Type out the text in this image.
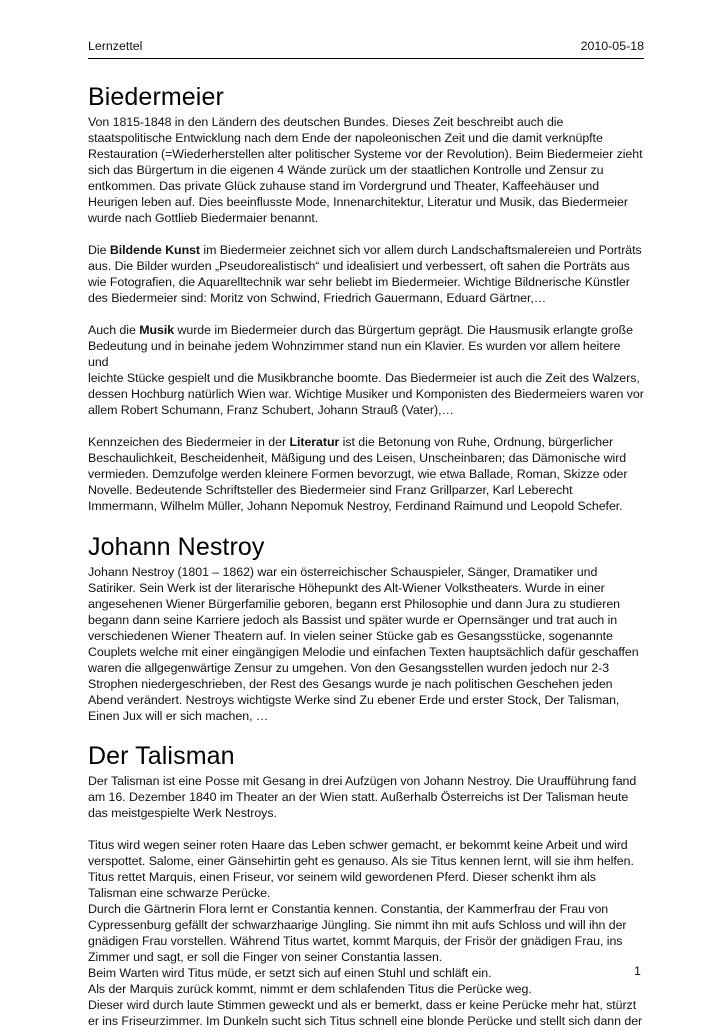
Lernzettel	2010-05-18
Biedermeier

Von 1815-1848 in den Ländern des deutschen Bundes. Dieses Zeit beschreibt auch die
staatspolitische Entwicklung nach dem Ende der napoleonischen Zeit und die damit verknüpfte
Restauration (=Wiederherstellen alter politischer Systeme vor der Revolution). Beim Biedermeier zieht
sich das Bürgertum in die eigenen 4 Wände zurück um der staatlichen Kontrolle und Zensur zu
entkommen. Das private Glück zuhause stand im Vordergrund und Theater, Kaffeehäuser und
Heurigen leben auf. Dies beeinflusste Mode, Innenarchitektur, Literatur und Musik, das Biedermeier
wurde nach Gottlieb Biedermaier benannt.

Die Bildende Kunst im Biedermeier zeichnet sich vor allem durch Landschaftsmalereien und Porträts
aus. Die Bilder wurden „Pseudorealistisch“ und idealisiert und verbessert, oft sahen die Porträts aus
wie Fotografien, die Aquarelltechnik war sehr beliebt im Biedermeier. Wichtige Bildnerische Künstler
des Biedermeier sind: Moritz von Schwind, Friedrich Gauermann, Eduard Gärtner,…

Auch die Musik wurde im Biedermeier durch das Bürgertum geprägt. Die Hausmusik erlangte große
Bedeutung und in beinahe jedem Wohnzimmer stand nun ein Klavier. Es wurden vor allem heitere und
leichte Stücke gespielt und die Musikbranche boomte. Das Biedermeier ist auch die Zeit des Walzers,
dessen Hochburg natürlich Wien war. Wichtige Musiker und Komponisten des Biedermeiers waren vor
allem Robert Schumann, Franz Schubert, Johann Strauß (Vater),…

Kennzeichen des Biedermeier in der Literatur ist die Betonung von Ruhe, Ordnung, bürgerlicher
Beschaulichkeit, Bescheidenheit, Mäßigung und des Leisen, Unscheinbaren; das Dämonische wird
vermieden. Demzufolge werden kleinere Formen bevorzugt, wie etwa Ballade, Roman, Skizze oder
Novelle. Bedeutende Schriftsteller des Biedermeier sind Franz Grillparzer, Karl Leberecht
Immermann, Wilhelm Müller, Johann Nepomuk Nestroy, Ferdinand Raimund und Leopold Schefer.

Johann Nestroy

Johann Nestroy (1801 – 1862) war ein österreichischer Schauspieler, Sänger, Dramatiker und
Satiriker. Sein Werk ist der literarische Höhepunkt des Alt-Wiener Volkstheaters. Wurde in einer
angesehenen Wiener Bürgerfamilie geboren, begann erst Philosophie und dann Jura zu studieren
begann dann seine Karriere jedoch als Bassist und später wurde er Opernsänger und trat auch in
verschiedenen Wiener Theatern auf. In vielen seiner Stücke gab es Gesangsstücke, sogenannte
Couplets welche mit einer eingängigen Melodie und einfachen Texten hauptsächlich dafür geschaffen
waren die allgegenwärtige Zensur zu umgehen. Von den Gesangsstellen wurden jedoch nur 2-3
Strophen niedergeschrieben, der Rest des Gesangs wurde je nach politischen Geschehen jeden
Abend verändert. Nestroys wichtigste Werke sind Zu ebener Erde und erster Stock, Der Talisman,
Einen Jux will er sich machen, …

Der Talisman

Der Talisman ist eine Posse mit Gesang in drei Aufzügen von Johann Nestroy. Die Uraufführung fand
am 16. Dezember 1840 im Theater an der Wien statt. Außerhalb Österreichs ist Der Talisman heute
das meistgespielte Werk Nestroys.

Titus wird wegen seiner roten Haare das Leben schwer gemacht, er bekommt keine Arbeit und wird
verspottet. Salome, einer Gänsehirtin geht es genauso. Als sie Titus kennen lernt, will sie ihm helfen.
Titus rettet Marquis, einen Friseur, vor seinem wild gewordenen Pferd. Dieser schenkt ihm als
Talisman eine schwarze Perücke.
Durch die Gärtnerin Flora lernt er Constantia kennen. Constantia, der Kammerfrau der Frau von
Cypressenburg gefällt der schwarzhaarige Jüngling. Sie nimmt ihn mit aufs Schloss und will ihn der
gnädigen Frau vorstellen. Während Titus wartet, kommt Marquis, der Frisör der gnädigen Frau, ins
Zimmer und sagt, er soll die Finger von seiner Constantia lassen.
Beim Warten wird Titus müde, er setzt sich auf einen Stuhl und schläft ein.
Als der Marquis zurück kommt, nimmt er dem schlafenden Titus die Perücke weg.
Dieser wird durch laute Stimmen geweckt und als er bemerkt, dass er keine Perücke mehr hat, stürzt
er ins Friseurzimmer. Im Dunkeln sucht sich Titus schnell eine blonde Perücke und stellt sich dann der

1
